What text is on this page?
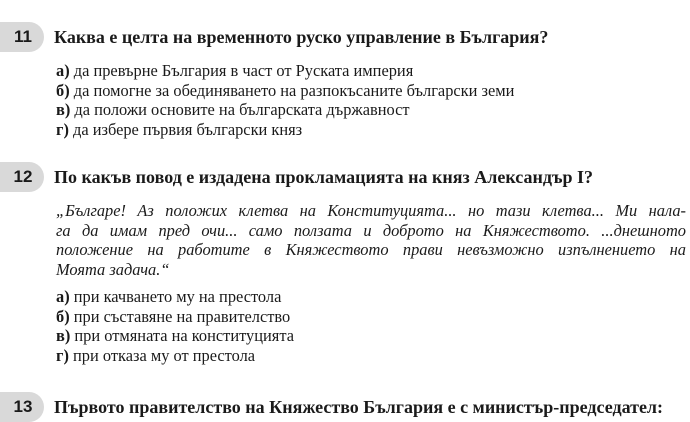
11	Каква е целта на временното руско управление в България?
а) да превърне България в част от Руската империя
б) да помогне за обединяването на разпокъсаните български земи
в) да положи основите на българската държавност
г) да избере първия български княз
12	По какъв повод е издадена прокламацията на княз Александър I?
„Българе! Аз положих клетва на Конституцията... но тази клетва... Ми нала-
га да имам пред очи... само ползата и доброто на Княжеството. ...днешното
положение на работите в Княжеството прави невъзможно изпълнението на
Моята задача.“
а) при качването му на престола
б) при съставяне на правителство
в) при отмяната на конституцията
г) при отказа му от престола
13	Първото правителство на Княжество България е с министър-председател:
